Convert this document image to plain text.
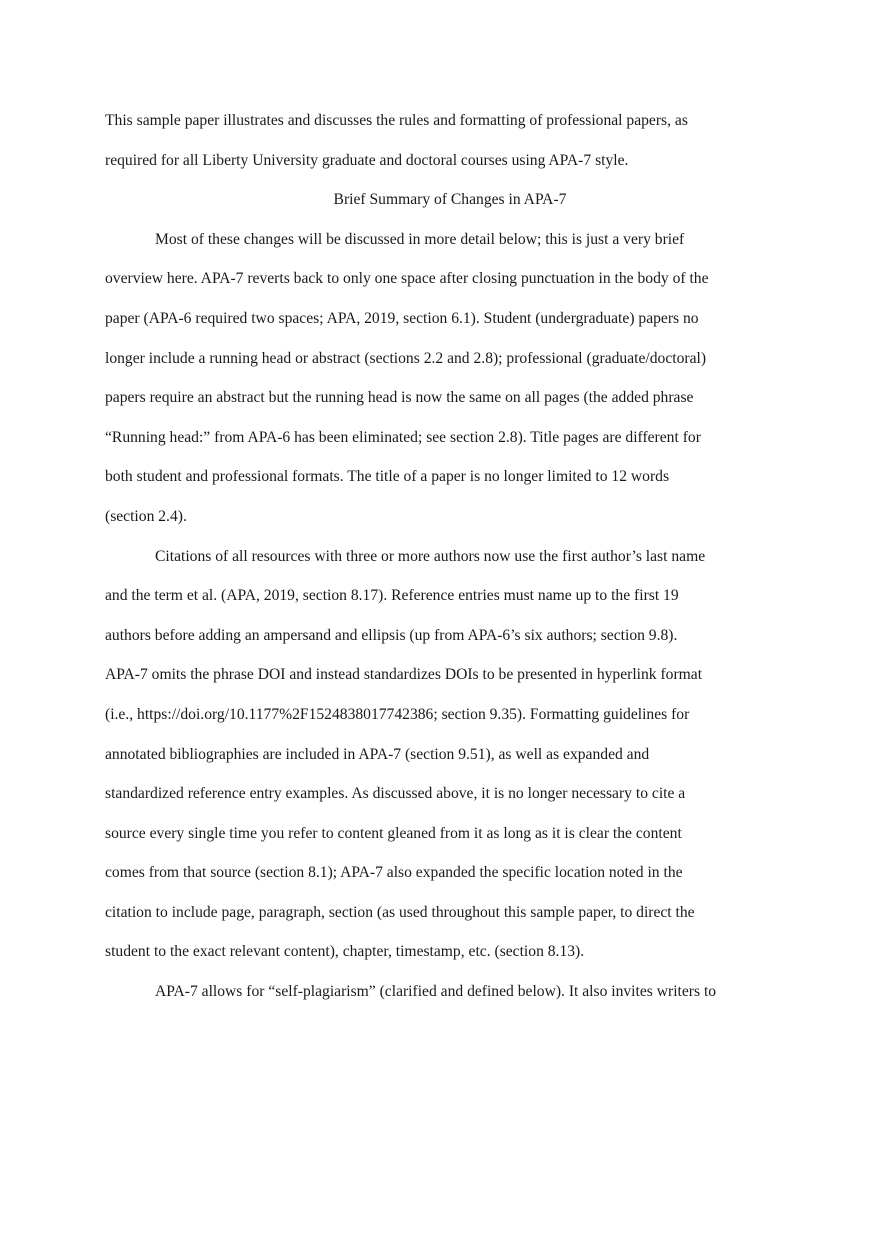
This sample paper illustrates and discusses the rules and formatting of professional papers, as
required for all Liberty University graduate and doctoral courses using APA-7 style.
Brief Summary of Changes in APA-7
Most of these changes will be discussed in more detail below; this is just a very brief
overview here. APA-7 reverts back to only one space after closing punctuation in the body of the
paper (APA-6 required two spaces; APA, 2019, section 6.1). Student (undergraduate) papers no
longer include a running head or abstract (sections 2.2 and 2.8); professional (graduate/doctoral)
papers require an abstract but the running head is now the same on all pages (the added phrase
“Running head:” from APA-6 has been eliminated; see section 2.8). Title pages are different for
both student and professional formats. The title of a paper is no longer limited to 12 words
(section 2.4).
Citations of all resources with three or more authors now use the first author’s last name
and the term et al. (APA, 2019, section 8.17). Reference entries must name up to the first 19
authors before adding an ampersand and ellipsis (up from APA-6’s six authors; section 9.8).
APA-7 omits the phrase DOI and instead standardizes DOIs to be presented in hyperlink format
(i.e., https://doi.org/10.1177%2F1524838017742386; section 9.35). Formatting guidelines for
annotated bibliographies are included in APA-7 (section 9.51), as well as expanded and
standardized reference entry examples. As discussed above, it is no longer necessary to cite a
source every single time you refer to content gleaned from it as long as it is clear the content
comes from that source (section 8.1); APA-7 also expanded the specific location noted in the
citation to include page, paragraph, section (as used throughout this sample paper, to direct the
student to the exact relevant content), chapter, timestamp, etc. (section 8.13).
APA-7 allows for “self-plagiarism” (clarified and defined below). It also invites writers to
